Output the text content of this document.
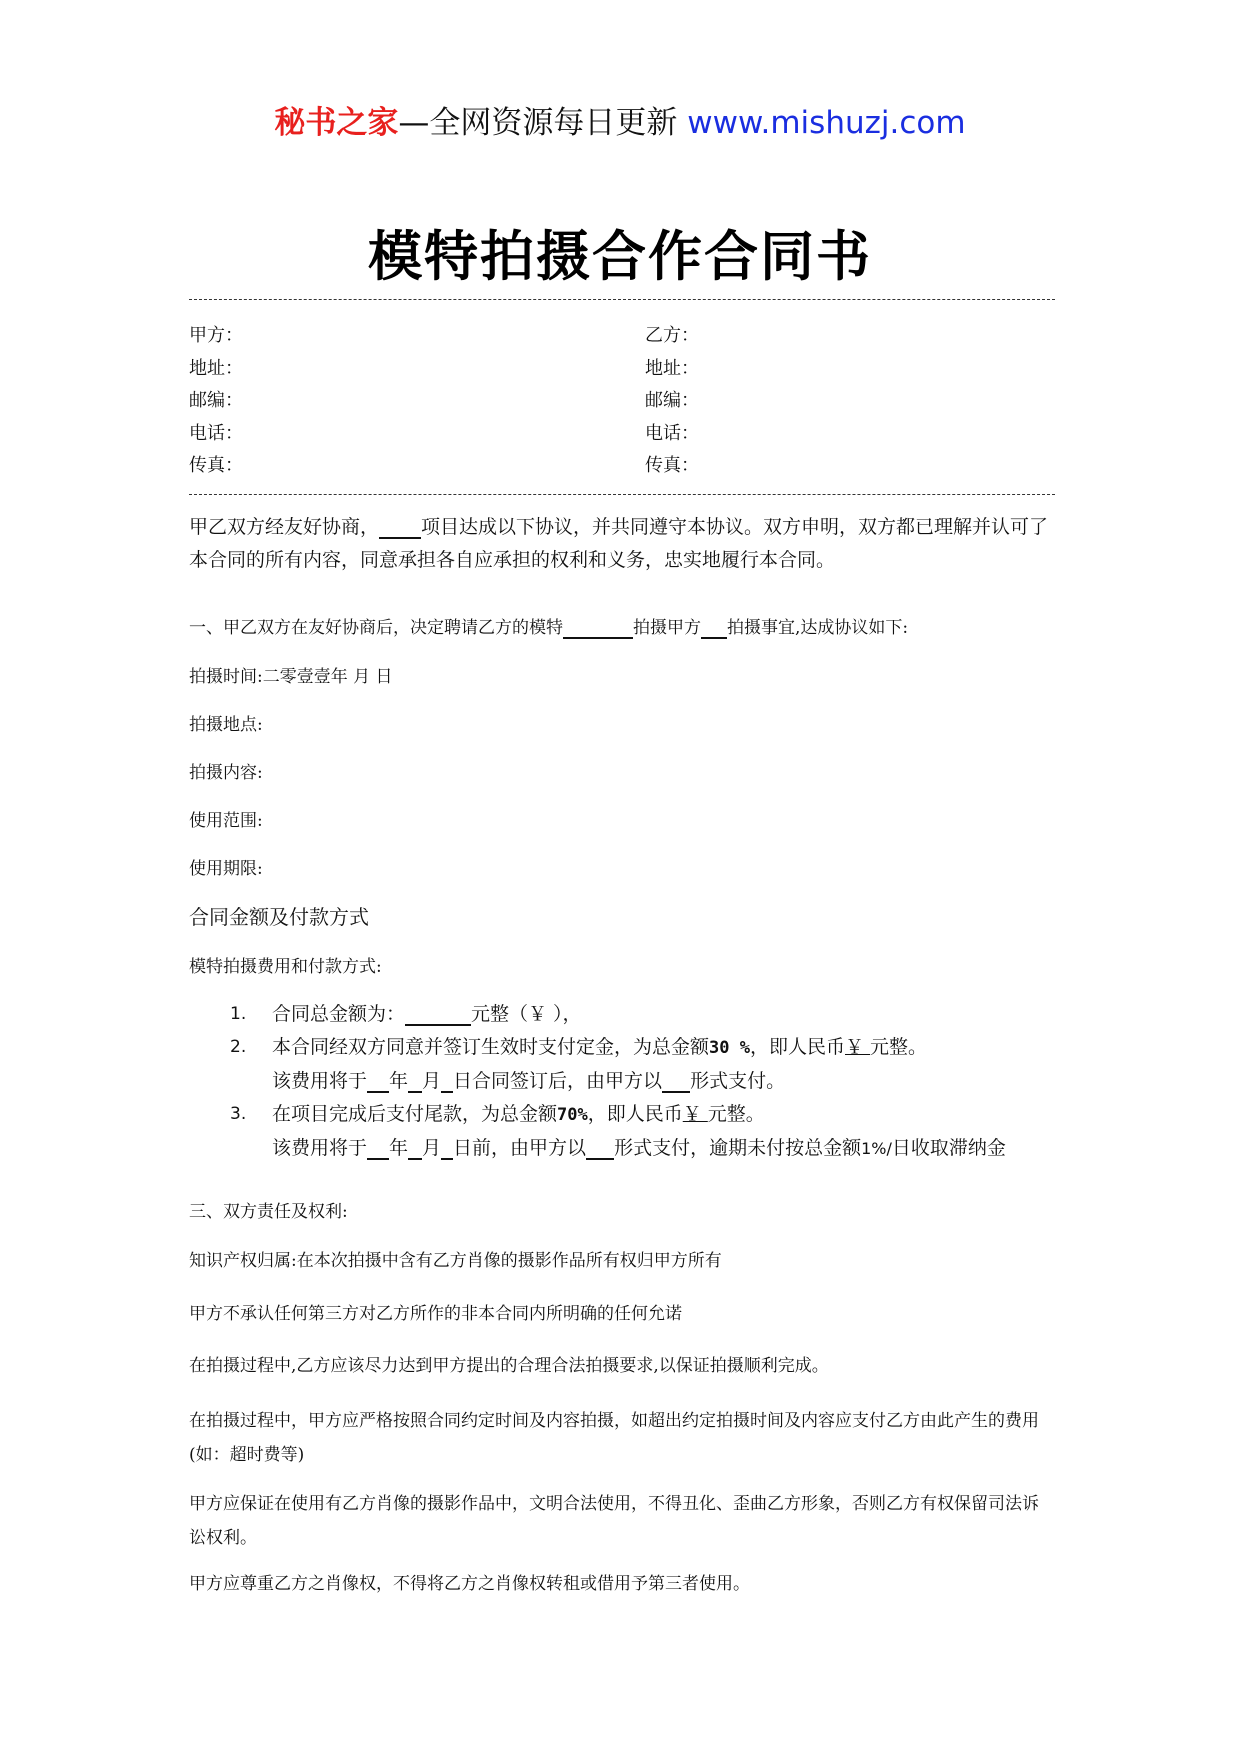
秘书之家—全网资源每日更新 www.mishuzj.com
模特拍摄合作合同书
甲方：	乙方：
地址：	地址：
邮编：	邮编：
电话：	电话：
传真：	传真：
甲乙双方经友好协商， 项目达成以下协议，并共同遵守本协议。双方申明，双方都已理解并认可了本合同的所有内容，同意承担各自应承担的权利和义务，忠实地履行本合同。
一、甲乙双方在友好协商后，决定聘请乙方的模特	拍摄甲方 拍摄事宜,达成协议如下:
拍摄时间:二零壹壹年 月 日
拍摄地点:
拍摄内容:
使用范围:
使用期限:
合同金额及付款方式
模特拍摄费用和付款方式:
1. 合同总金额为：	元整（￥ ），
2. 本合同经双方同意并签订生效时支付定金，为总金额30 %，即人民币￥ 元整。
该费用将于 年 月 日合同签订后，由甲方以 形式支付。
3. 在项目完成后支付尾款，为总金额70%，即人民币￥ 元整。
该费用将于 年 月 日前，由甲方以 形式支付，逾期未付按总金额1%/日收取滞纳金
三、双方责任及权利:
知识产权归属:在本次拍摄中含有乙方肖像的摄影作品所有权归甲方所有
甲方不承认任何第三方对乙方所作的非本合同内所明确的任何允诺
在拍摄过程中,乙方应该尽力达到甲方提出的合理合法拍摄要求,以保证拍摄顺利完成。
在拍摄过程中，甲方应严格按照合同约定时间及内容拍摄，如超出约定拍摄时间及内容应支付乙方由此产生的费用(如：超时费等)
甲方应保证在使用有乙方肖像的摄影作品中，文明合法使用，不得丑化、歪曲乙方形象，否则乙方有权保留司法诉讼权利。
甲方应尊重乙方之肖像权，不得将乙方之肖像权转租或借用予第三者使用。
